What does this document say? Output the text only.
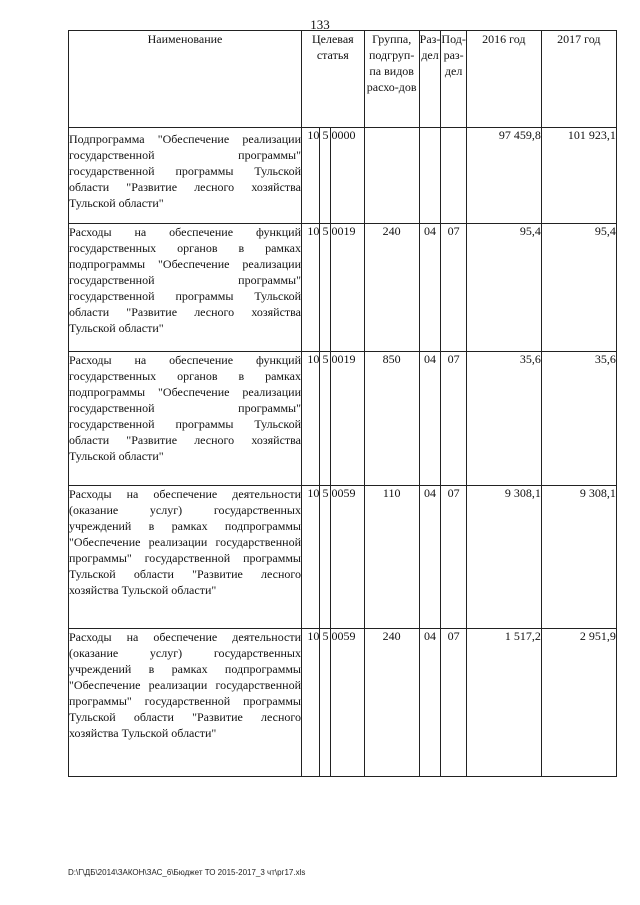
133
Наименование	Целевая статья			Группа, подгруп-па видов расхо-дов	Раз-дел	Под-раз-дел	2016 год	2017 год

Подпрограмма "Обеспечение реализации государственной программы" государственной программы Тульской области "Развитие лесного хозяйства Тульской области"	10	5	0000				97 459,8	101 923,1
Расходы на обеспечение функций государственных органов в рамках подпрограммы "Обеспечение реализации государственной программы" государственной программы Тульской области "Развитие лесного хозяйства Тульской области"	10	5	0019	240	04	07	95,4	95,4
Расходы на обеспечение функций государственных органов в рамках подпрограммы "Обеспечение реализации государственной программы" государственной программы Тульской области "Развитие лесного хозяйства Тульской области"	10	5	0019	850	04	07	35,6	35,6
Расходы на обеспечение деятельности (оказание услуг) государственных учреждений в рамках подпрограммы "Обеспечение реализации государственной программы" государственной программы Тульской области "Развитие лесного хозяйства Тульской области"	10	5	0059	110	04	07	9 308,1	9 308,1
Расходы на обеспечение деятельности (оказание услуг) государственных учреждений в рамках подпрограммы "Обеспечение реализации государственной программы" государственной программы Тульской области "Развитие лесного хозяйства Тульской области"	10	5	0059	240	04	07	1 517,2	2 951,9
D:\Г\ДБ\2014\ЗАКОН\ЗАС_6\Бюджет ТО 2015-2017_3 чт\рг17.xls
